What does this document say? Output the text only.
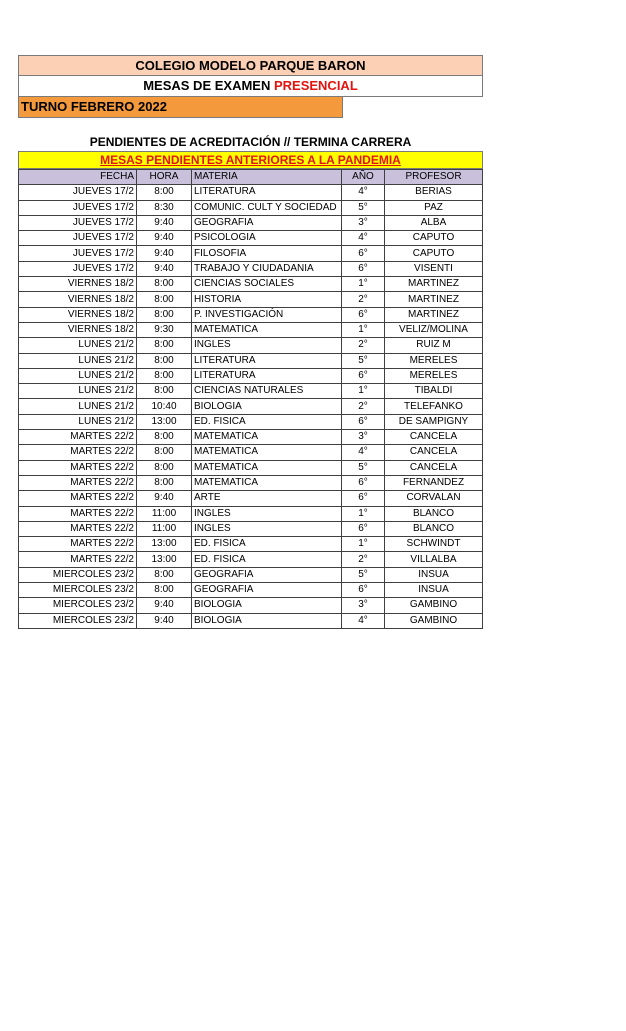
COLEGIO MODELO PARQUE BARON
MESAS DE EXAMEN PRESENCIAL
TURNO FEBRERO 2022
PENDIENTES DE ACREDITACIÓN // TERMINA CARRERA
MESAS PENDIENTES ANTERIORES A LA PANDEMIA
FECHA	HORA	MATERIA	AÑO	PROFESOR
JUEVES 17/2	8:00	LITERATURA	4°	BERIAS
JUEVES 17/2	8:30	COMUNIC. CULT Y SOCIEDAD	5°	PAZ
JUEVES 17/2	9:40	GEOGRAFIA	3°	ALBA
JUEVES 17/2	9:40	PSICOLOGIA	4°	CAPUTO
JUEVES 17/2	9:40	FILOSOFIA	6°	CAPUTO
JUEVES 17/2	9:40	TRABAJO Y CIUDADANIA	6°	VISENTI
VIERNES 18/2	8:00	CIENCIAS SOCIALES	1°	MARTINEZ
VIERNES 18/2	8:00	HISTORIA	2°	MARTINEZ
VIERNES 18/2	8:00	P. INVESTIGACIÓN	6°	MARTINEZ
VIERNES 18/2	9:30	MATEMATICA	1°	VELIZ/MOLINA
LUNES 21/2	8:00	INGLES	2°	RUIZ M
LUNES 21/2	8:00	LITERATURA	5°	MERELES
LUNES 21/2	8:00	LITERATURA	6°	MERELES
LUNES 21/2	8:00	CIENCIAS NATURALES	1°	TIBALDI
LUNES 21/2	10:40	BIOLOGIA	2°	TELEFANKO
LUNES 21/2	13:00	ED. FISICA	6°	DE SAMPIGNY
MARTES 22/2	8:00	MATEMATICA	3°	CANCELA
MARTES 22/2	8:00	MATEMATICA	4°	CANCELA
MARTES 22/2	8:00	MATEMATICA	5°	CANCELA
MARTES 22/2	8:00	MATEMATICA	6°	FERNANDEZ
MARTES 22/2	9:40	ARTE	6°	CORVALAN
MARTES 22/2	11:00	INGLES	1°	BLANCO
MARTES 22/2	11:00	INGLES	6°	BLANCO
MARTES 22/2	13:00	ED. FISICA	1°	SCHWINDT
MARTES 22/2	13:00	ED. FISICA	2°	VILLALBA
MIERCOLES 23/2	8:00	GEOGRAFIA	5°	INSUA
MIERCOLES 23/2	8:00	GEOGRAFIA	6°	INSUA
MIERCOLES 23/2	9:40	BIOLOGIA	3°	GAMBINO
MIERCOLES 23/2	9:40	BIOLOGIA	4°	GAMBINO
